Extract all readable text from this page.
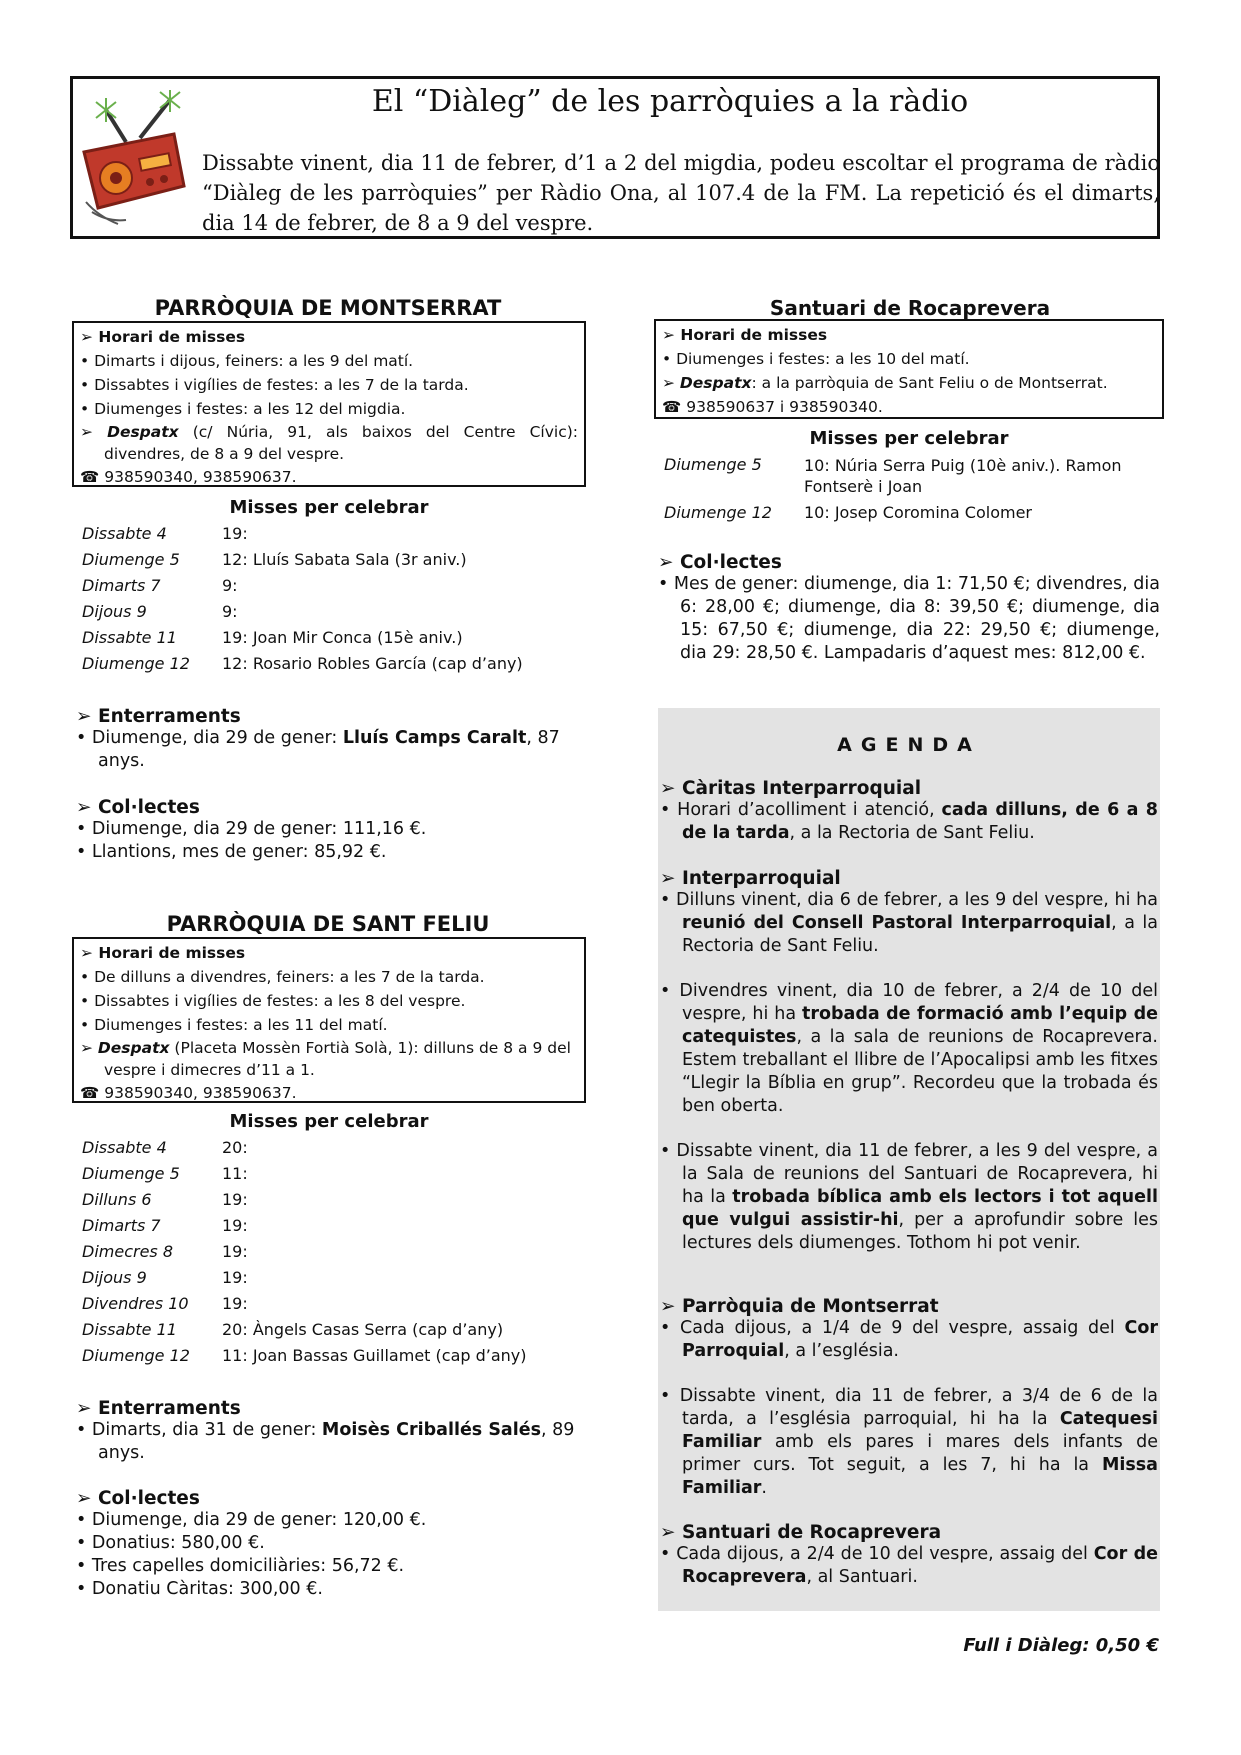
El “Diàleg” de les parròquies a la ràdio
Dissabte vinent, dia 11 de febrer, d’1 a 2 del migdia, podeu escoltar el programa de ràdio “Diàleg de les parròquies” per Ràdio Ona, al 107.4 de la FM. La repetició és el dimarts, dia 14 de febrer, de 8 a 9 del vespre.
PARRÒQUIA DE MONTSERRAT
➢ Horari de misses
• Dimarts i dijous, feiners: a les 9 del matí.
• Dissabtes i vigílies de festes: a les 7 de la tarda.
• Diumenges i festes: a les 12 del migdia.
➢ Despatx (c/ Núria, 91, als baixos del Centre Cívic): divendres, de 8 a 9 del vespre.
☎ 938590340, 938590637.
Misses per celebrar
Dissabte 4	19:
Diumenge 5	12: Lluís Sabata Sala (3r aniv.)
Dimarts 7	9:
Dijous 9	9:
Dissabte 11	19: Joan Mir Conca (15è aniv.)
Diumenge 12	12: Rosario Robles García (cap d’any)
➢ Enterraments
• Diumenge, dia 29 de gener: Lluís Camps Caralt, 87 anys.
➢ Col·lectes
• Diumenge, dia 29 de gener: 111,16 €.
• Llantions, mes de gener: 85,92 €.
PARRÒQUIA DE SANT FELIU
➢ Horari de misses
• De dilluns a divendres, feiners: a les 7 de la tarda.
• Dissabtes i vigílies de festes: a les 8 del vespre.
• Diumenges i festes: a les 11 del matí.
➢ Despatx (Placeta Mossèn Fortià Solà, 1): dilluns de 8 a 9 del vespre i dimecres d’11 a 1.
☎ 938590340, 938590637.
Misses per celebrar
Dissabte 4	20:
Diumenge 5	11:
Dilluns 6	19:
Dimarts 7	19:
Dimecres 8	19:
Dijous 9	19:
Divendres 10	19:
Dissabte 11	20: Àngels Casas Serra (cap d’any)
Diumenge 12	11: Joan Bassas Guillamet (cap d’any)
➢ Enterraments
• Dimarts, dia 31 de gener: Moisès Criballés Salés, 89 anys.
➢ Col·lectes
• Diumenge, dia 29 de gener: 120,00 €.
• Donatius: 580,00 €.
• Tres capelles domiciliàries: 56,72 €.
• Donatiu Càritas: 300,00 €.
Santuari de Rocaprevera
➢ Horari de misses
• Diumenges i festes: a les 10 del matí.
➢ Despatx: a la parròquia de Sant Feliu o de Montserrat.
☎ 938590637 i 938590340.
Misses per celebrar
Diumenge 5	10: Núria Serra Puig (10è aniv.). Ramon Fontserè i Joan
Diumenge 12	10: Josep Coromina Colomer
➢ Col·lectes
• Mes de gener: diumenge, dia 1: 71,50 €; divendres, dia 6: 28,00 €; diumenge, dia 8: 39,50 €; diumenge, dia 15: 67,50 €; diumenge, dia 22: 29,50 €; diumenge, dia 29: 28,50 €. Lampadaris d’aquest mes: 812,00 €.
AGENDA
➢ Càritas Interparroquial
• Horari d’acolliment i atenció, cada dilluns, de 6 a 8 de la tarda, a la Rectoria de Sant Feliu.
➢ Interparroquial
• Dilluns vinent, dia 6 de febrer, a les 9 del vespre, hi ha reunió del Consell Pastoral Interparroquial, a la Rectoria de Sant Feliu.
• Divendres vinent, dia 10 de febrer, a 2/4 de 10 del vespre, hi ha trobada de formació amb l’equip de catequistes, a la sala de reunions de Rocaprevera. Estem treballant el llibre de l’Apocalipsi amb les fitxes “Llegir la Bíblia en grup”. Recordeu que la trobada és ben oberta.
• Dissabte vinent, dia 11 de febrer, a les 9 del vespre, a la Sala de reunions del Santuari de Rocaprevera, hi ha la trobada bíblica amb els lectors i tot aquell que vulgui assistir-hi, per a aprofundir sobre les lectures dels diumenges. Tothom hi pot venir.
➢ Parròquia de Montserrat
• Cada dijous, a 1/4 de 9 del vespre, assaig del Cor Parroquial, a l’església.
• Dissabte vinent, dia 11 de febrer, a 3/4 de 6 de la tarda, a l’església parroquial, hi ha la Catequesi Familiar amb els pares i mares dels infants de primer curs. Tot seguit, a les 7, hi ha la Missa Familiar.
➢ Santuari de Rocaprevera
• Cada dijous, a 2/4 de 10 del vespre, assaig del Cor de Rocaprevera, al Santuari.
Full i Diàleg: 0,50 €
